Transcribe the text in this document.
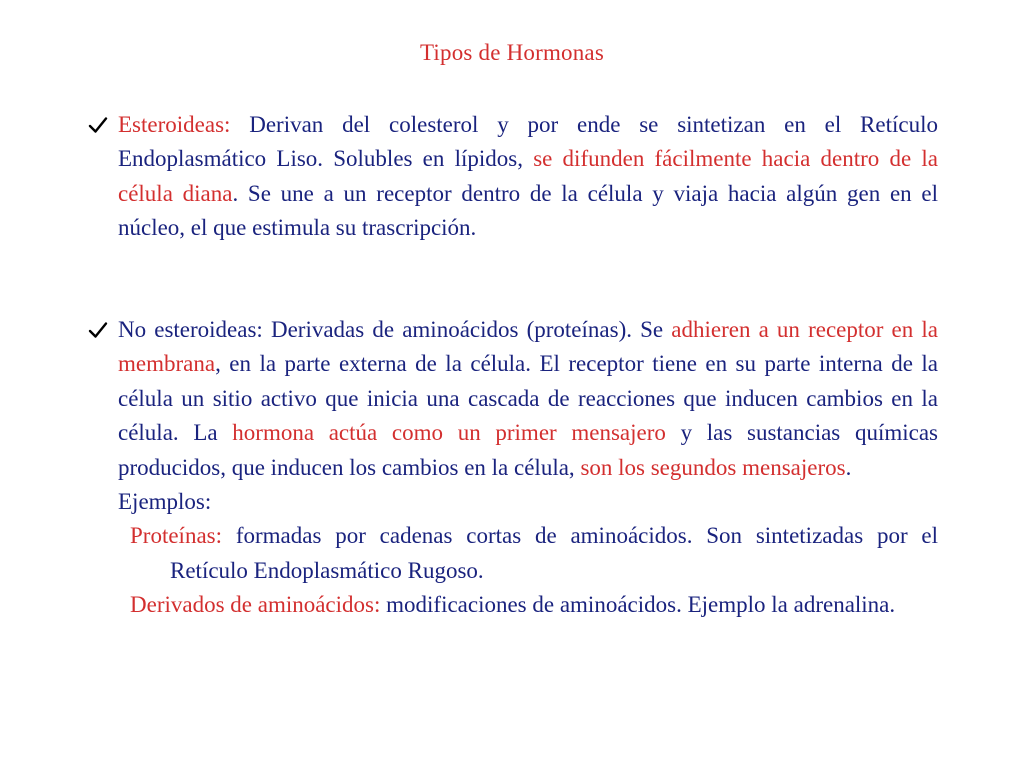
Tipos de Hormonas
Esteroideas: Derivan del colesterol y por ende se sintetizan en el Retículo Endoplasmático Liso. Solubles en lípidos, se difunden fácilmente hacia dentro de la célula diana. Se une a un receptor dentro de la célula y viaja hacia algún gen en el núcleo, el que estimula su trascripción.
No esteroideas: Derivadas de aminoácidos (proteínas). Se adhieren a un receptor en la membrana, en la parte externa de la célula. El receptor tiene en su parte interna de la célula un sitio activo que inicia una cascada de reacciones que inducen cambios en la célula. La hormona actúa como un primer mensajero y las sustancias químicas producidos, que inducen los cambios en la célula, son los segundos mensajeros.
Ejemplos:
Proteínas: formadas por cadenas cortas de aminoácidos. Son sintetizadas por el Retículo Endoplasmático Rugoso.
Derivados de aminoácidos: modificaciones de aminoácidos. Ejemplo la adrenalina.
